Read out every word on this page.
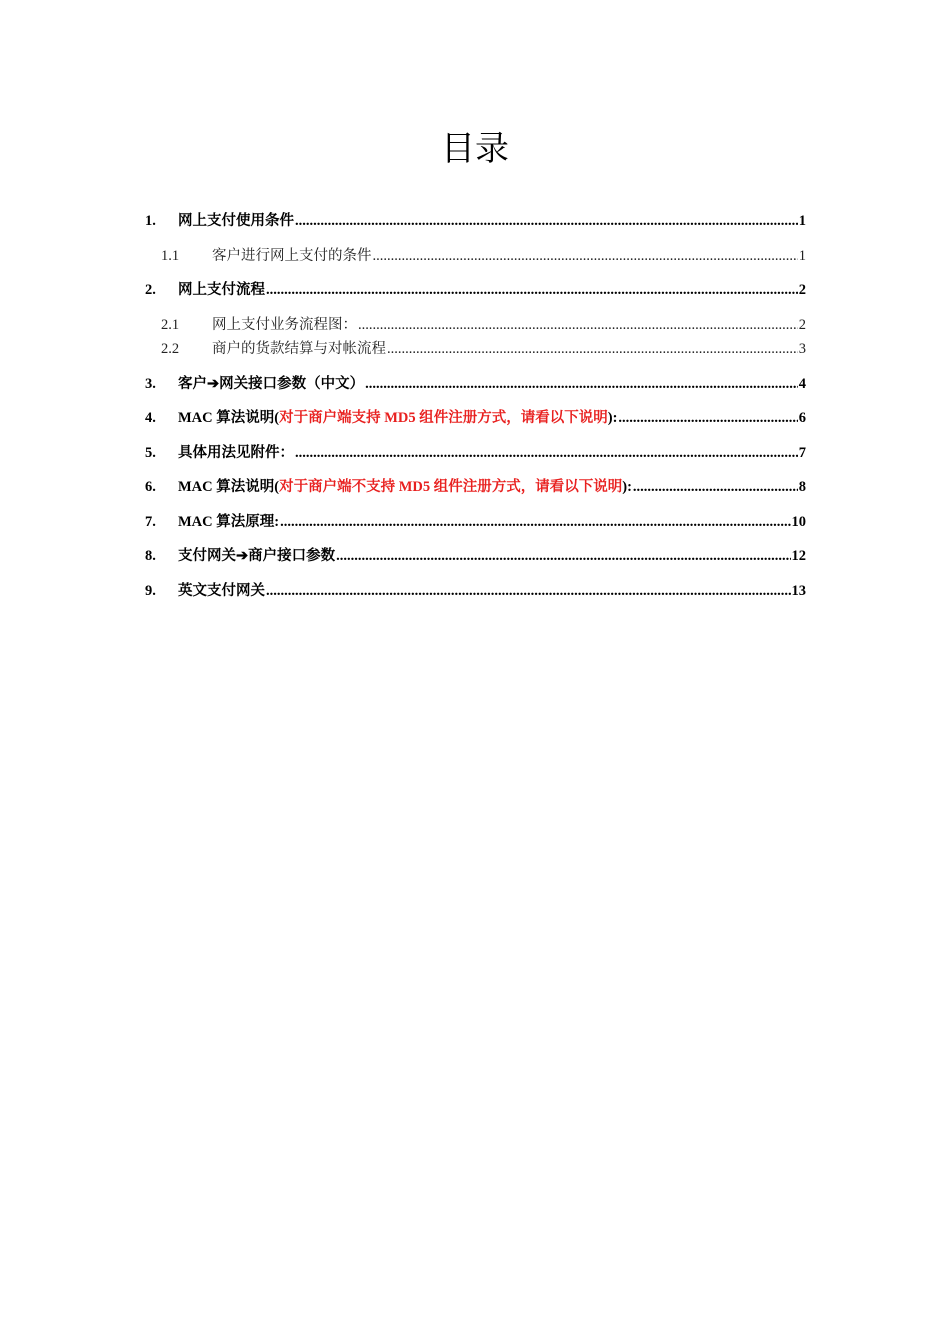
目录
1.	网上支付使用条件 .....	1
1.1	客户进行网上支付的条件 .....	1
2.	网上支付流程 .....	2
2.1	网上支付业务流程图： .....	2
2.2	商户的货款结算与对帐流程 .....	3
3.	客户➔网关接口参数（中文） .....	4
4.	MAC 算法说明(对于商户端支持 MD5 组件注册方式，请看以下说明): .....	6
5.	具体用法见附件： .....	7
6.	MAC 算法说明(对于商户端不支持 MD5 组件注册方式，请看以下说明): .....	8
7.	MAC 算法原理: .....	10
8.	支付网关➔商户接口参数 .....	12
9.	英文支付网关 .....	13
